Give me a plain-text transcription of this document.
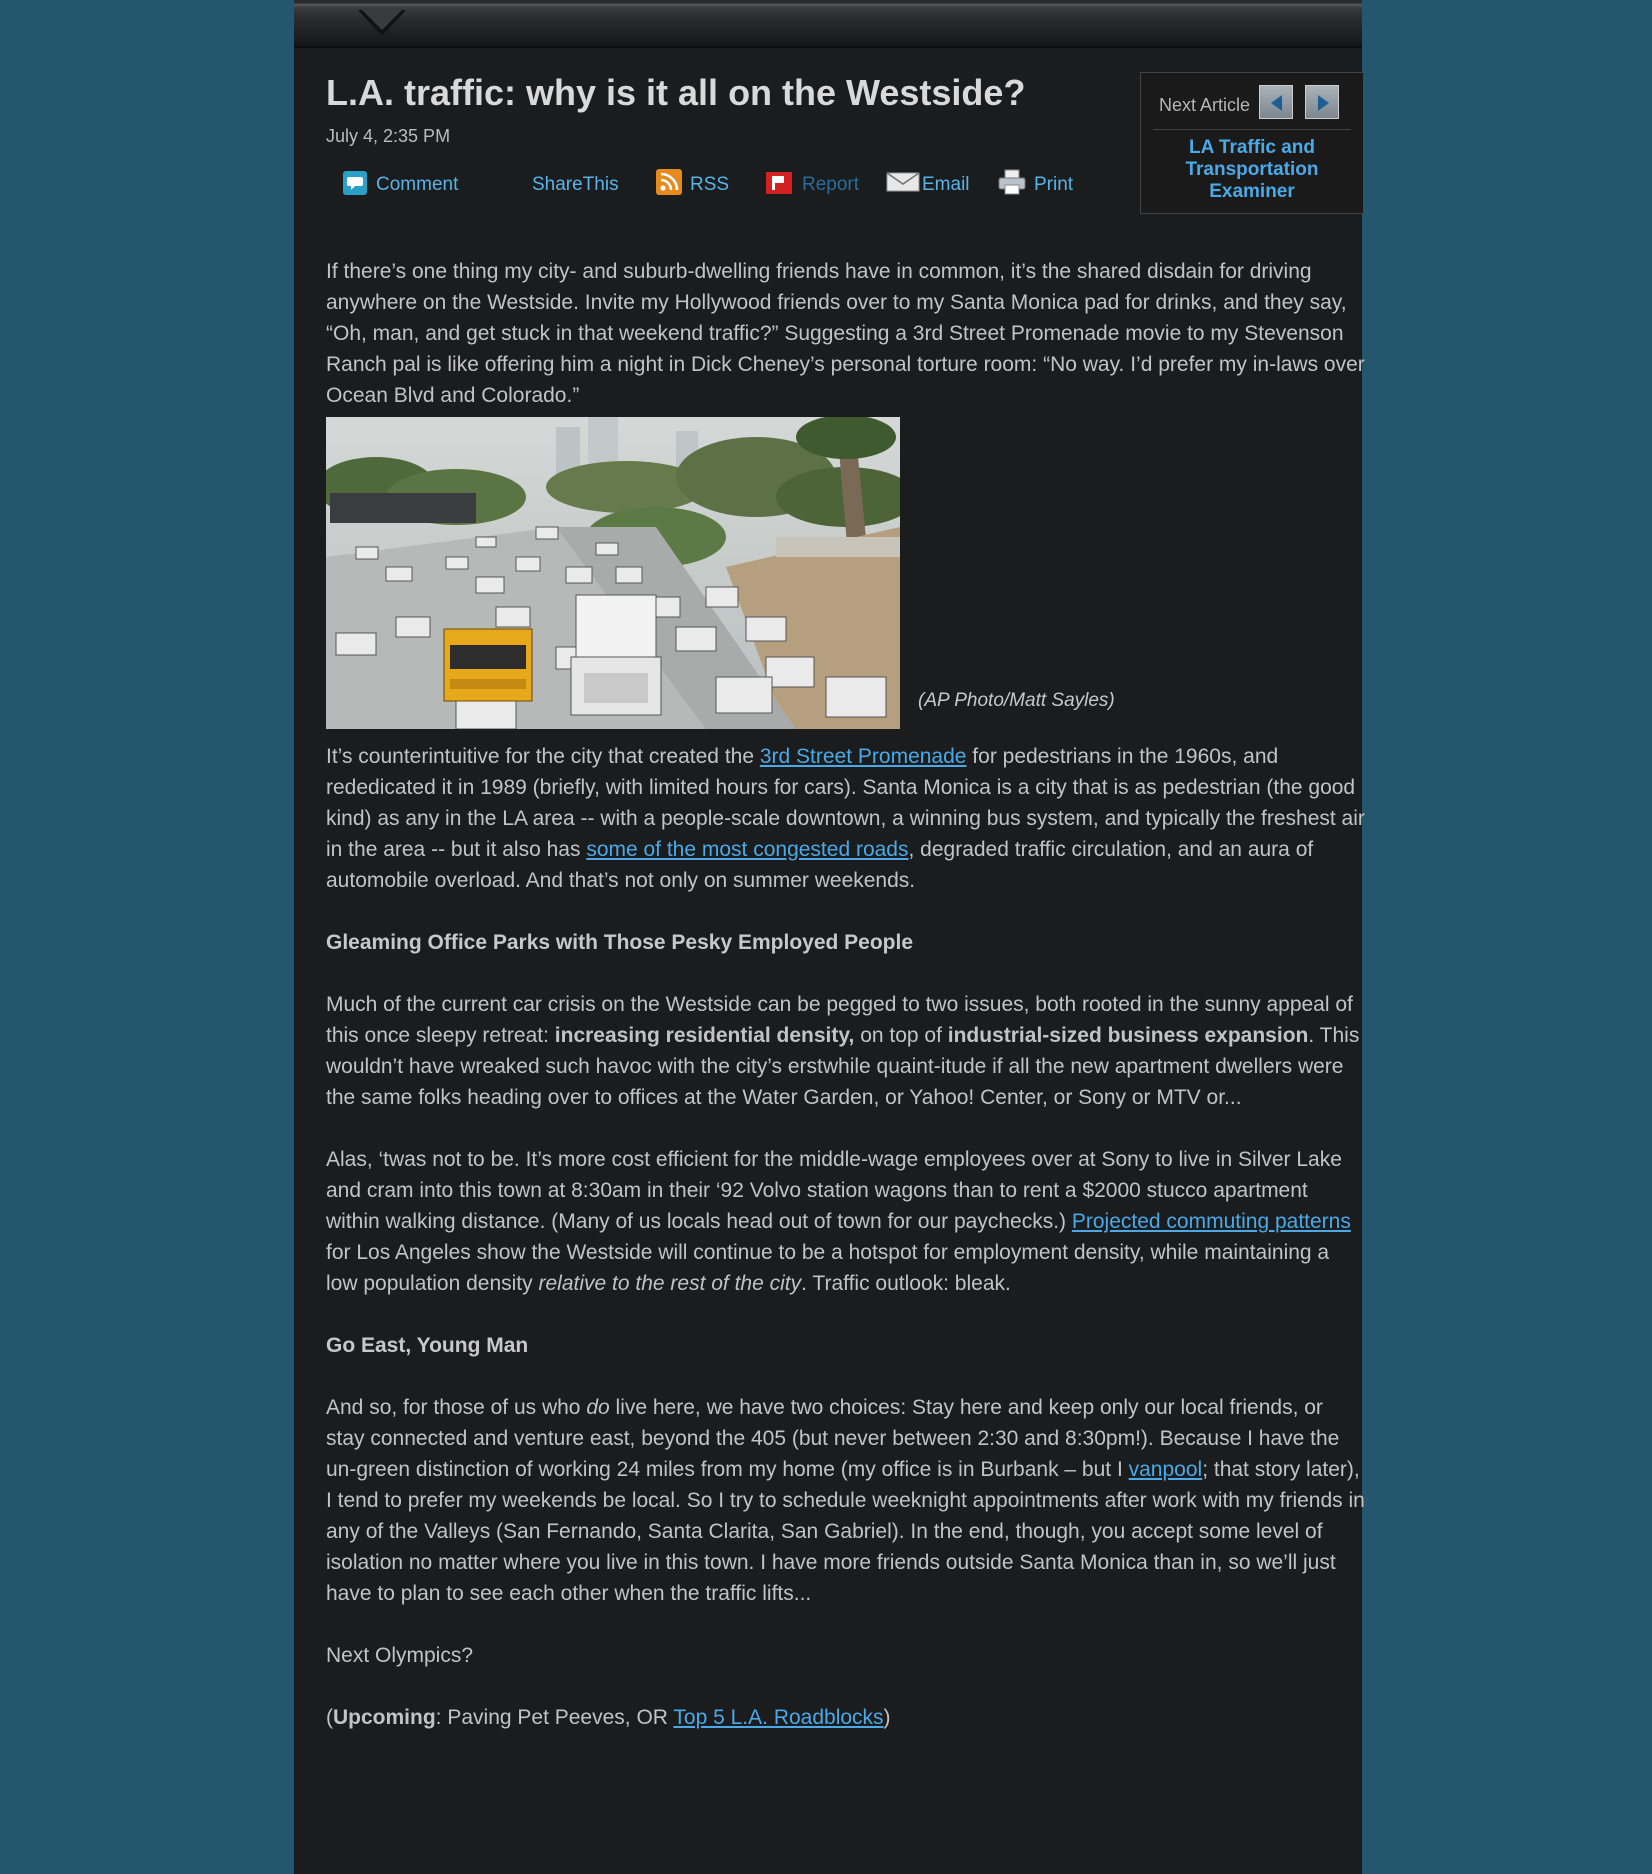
L.A. traffic: why is it all on the Westside?
July 4, 2:35 PM
Comment	ShareThis	RSS	Report	Email	Print
Next Article
LA Traffic and
Transportation
Examiner

If there’s one thing my city- and suburb-dwelling friends have in common, it’s the shared disdain for driving anywhere on the Westside. Invite my Hollywood friends over to my Santa Monica pad for drinks, and they say, “Oh, man, and get stuck in that weekend traffic?” Suggesting a 3rd Street Promenade movie to my Stevenson Ranch pal is like offering him a night in Dick Cheney’s personal torture room: “No way. I’d prefer my in-laws over Ocean Blvd and Colorado.”

(AP Photo/Matt Sayles)

It’s counterintuitive for the city that created the 3rd Street Promenade for pedestrians in the 1960s, and rededicated it in 1989 (briefly, with limited hours for cars). Santa Monica is a city that is as pedestrian (the good kind) as any in the LA area -- with a people-scale downtown, a winning bus system, and typically the freshest air in the area -- but it also has some of the most congested roads, degraded traffic circulation, and an aura of automobile overload. And that’s not only on summer weekends.

Gleaming Office Parks with Those Pesky Employed People

Much of the current car crisis on the Westside can be pegged to two issues, both rooted in the sunny appeal of this once sleepy retreat: increasing residential density, on top of industrial-sized business expansion. This wouldn’t have wreaked such havoc with the city’s erstwhile quaint-itude if all the new apartment dwellers were the same folks heading over to offices at the Water Garden, or Yahoo! Center, or Sony or MTV or...

Alas, ‘twas not to be. It’s more cost efficient for the middle-wage employees over at Sony to live in Silver Lake and cram into this town at 8:30am in their ‘92 Volvo station wagons than to rent a $2000 stucco apartment within walking distance. (Many of us locals head out of town for our paychecks.) Projected commuting patterns for Los Angeles show the Westside will continue to be a hotspot for employment density, while maintaining a low population density relative to the rest of the city. Traffic outlook: bleak.

Go East, Young Man

And so, for those of us who do live here, we have two choices: Stay here and keep only our local friends, or stay connected and venture east, beyond the 405 (but never between 2:30 and 8:30pm!). Because I have the un-green distinction of working 24 miles from my home (my office is in Burbank – but I vanpool; that story later), I tend to prefer my weekends be local. So I try to schedule weeknight appointments after work with my friends in any of the Valleys (San Fernando, Santa Clarita, San Gabriel). In the end, though, you accept some level of isolation no matter where you live in this town. I have more friends outside Santa Monica than in, so we’ll just have to plan to see each other when the traffic lifts...

Next Olympics?

(Upcoming: Paving Pet Peeves, OR Top 5 L.A. Roadblocks)
